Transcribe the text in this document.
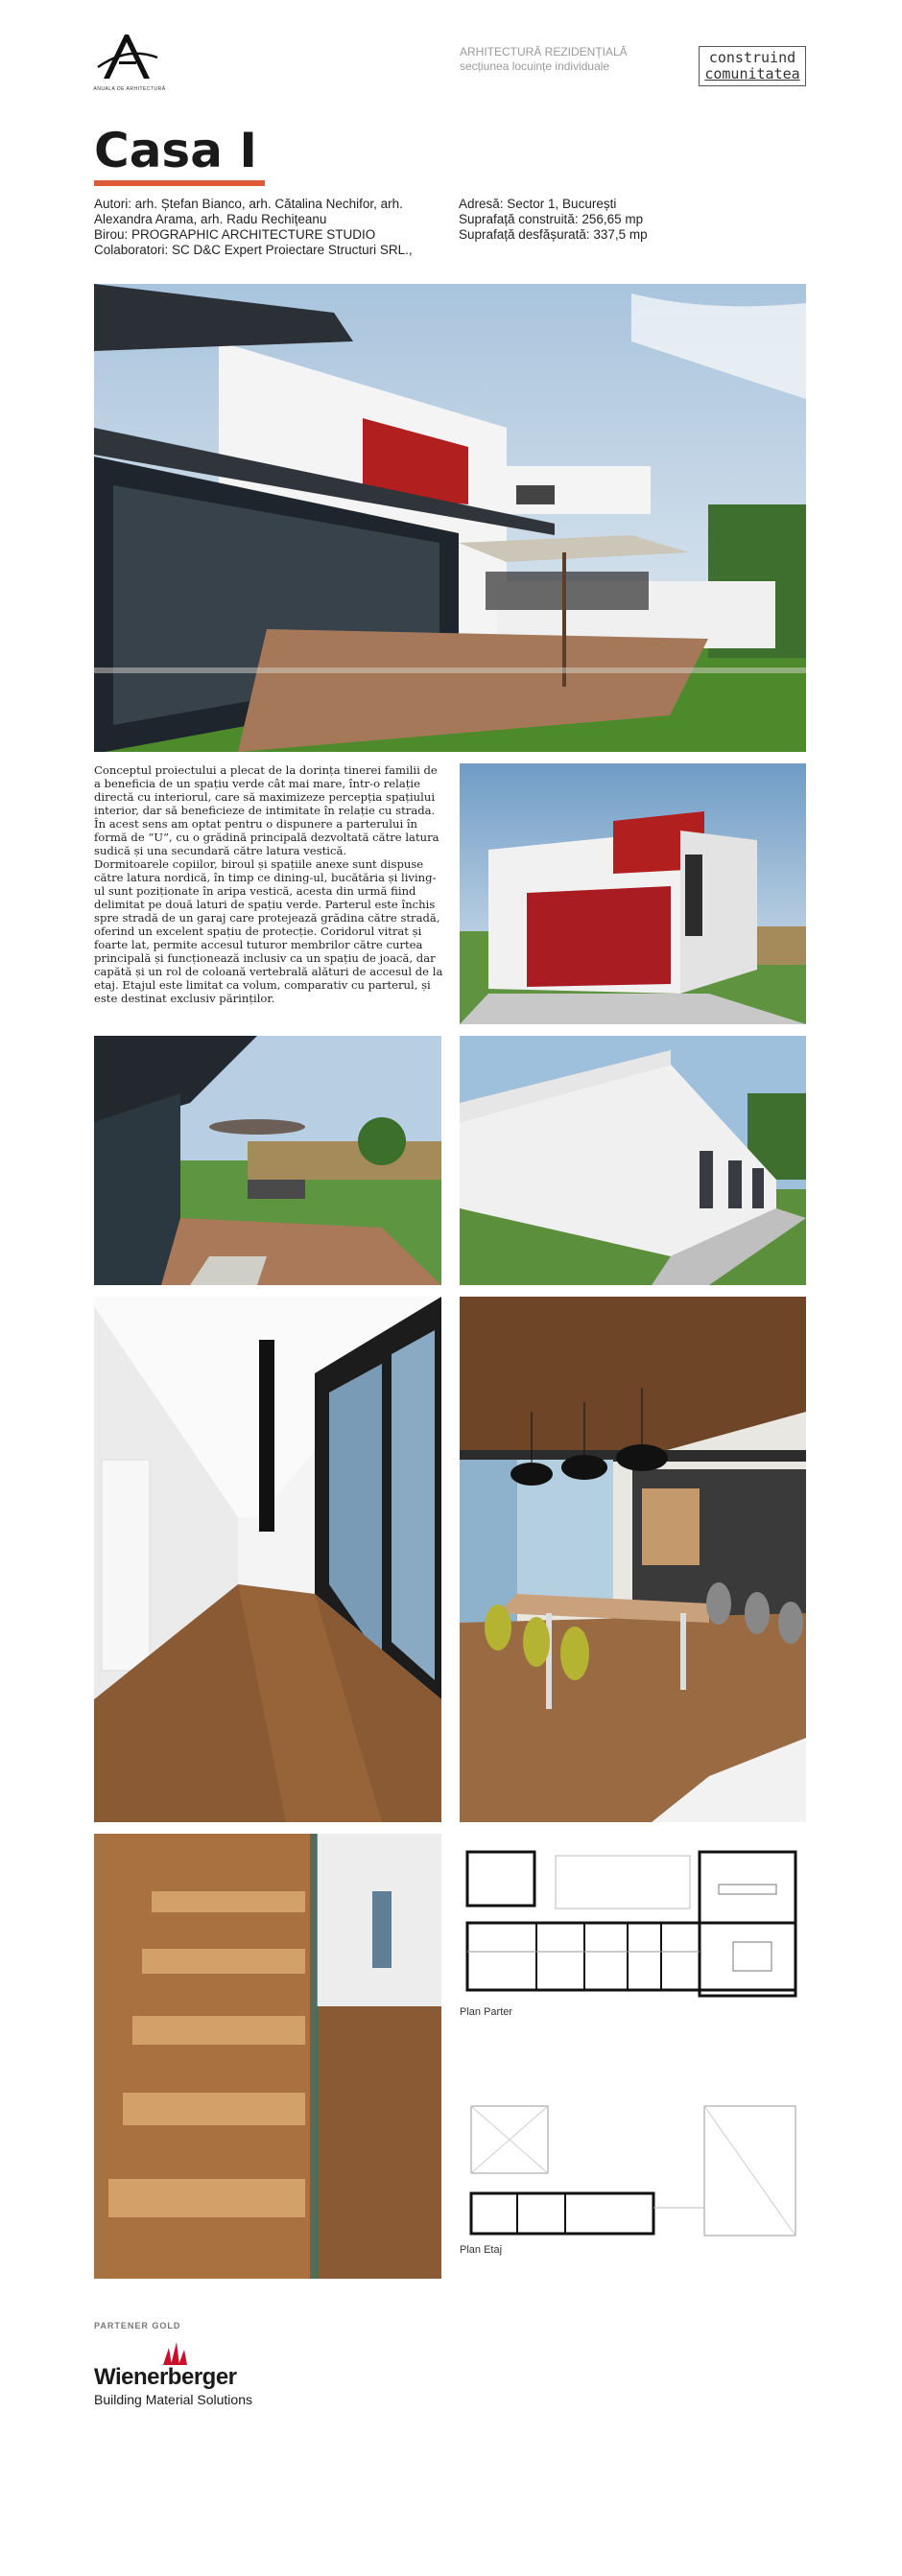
ANUALA DE ARHITECTURĂ
ARHITECTURĂ REZIDENȚIALĂ
secțiunea locuințe individuale	construind
comunitatea
Casa I
Autori: arh. Ștefan Bianco, arh. Cătalina Nechifor, arh. Alexandra Arama, arh. Radu Rechițeanu
Birou: PROGRAPHIC ARCHITECTURE STUDIO
Colaboratori: SC D&C Expert Proiectare Structuri SRL.,
Adresă: Sector 1, București
Suprafață construită: 256,65 mp
Suprafață desfășurată: 337,5 mp

Conceptul proiectului a plecat de la dorința tinerei familii de a beneficia de un spațiu verde cât mai mare, într-o relație directă cu interiorul, care să maximizeze percepția spațiului interior, dar să beneficieze de intimitate în relație cu strada. În acest sens am optat pentru o dispunere a parterului în formă de “U”, cu o grădină principală dezvoltată către latura sudică și una secundară către latura vestică.

Dormitoarele copiilor, biroul și spațiile anexe sunt dispuse către latura nordică, în timp ce dining-ul, bucătăria și living-ul sunt poziționate în aripa vestică, acesta din urmă fiind delimitat pe două laturi de spațiu verde. Parterul este închis spre stradă de un garaj care protejează grădina către stradă, oferind un excelent spațiu de protecție. Coridorul vitrat și foarte lat, permite accesul tuturor membrilor către curtea principală și funcționează inclusiv ca un spațiu de joacă, dar capătă și un rol de coloană vertebrală alături de accesul de la etaj. Etajul este limitat ca volum, comparativ cu parterul, și este destinat exclusiv părinților.

Plan Parter
Plan Etaj
PARTENER GOLD
Wienerberger
Building Material Solutions
